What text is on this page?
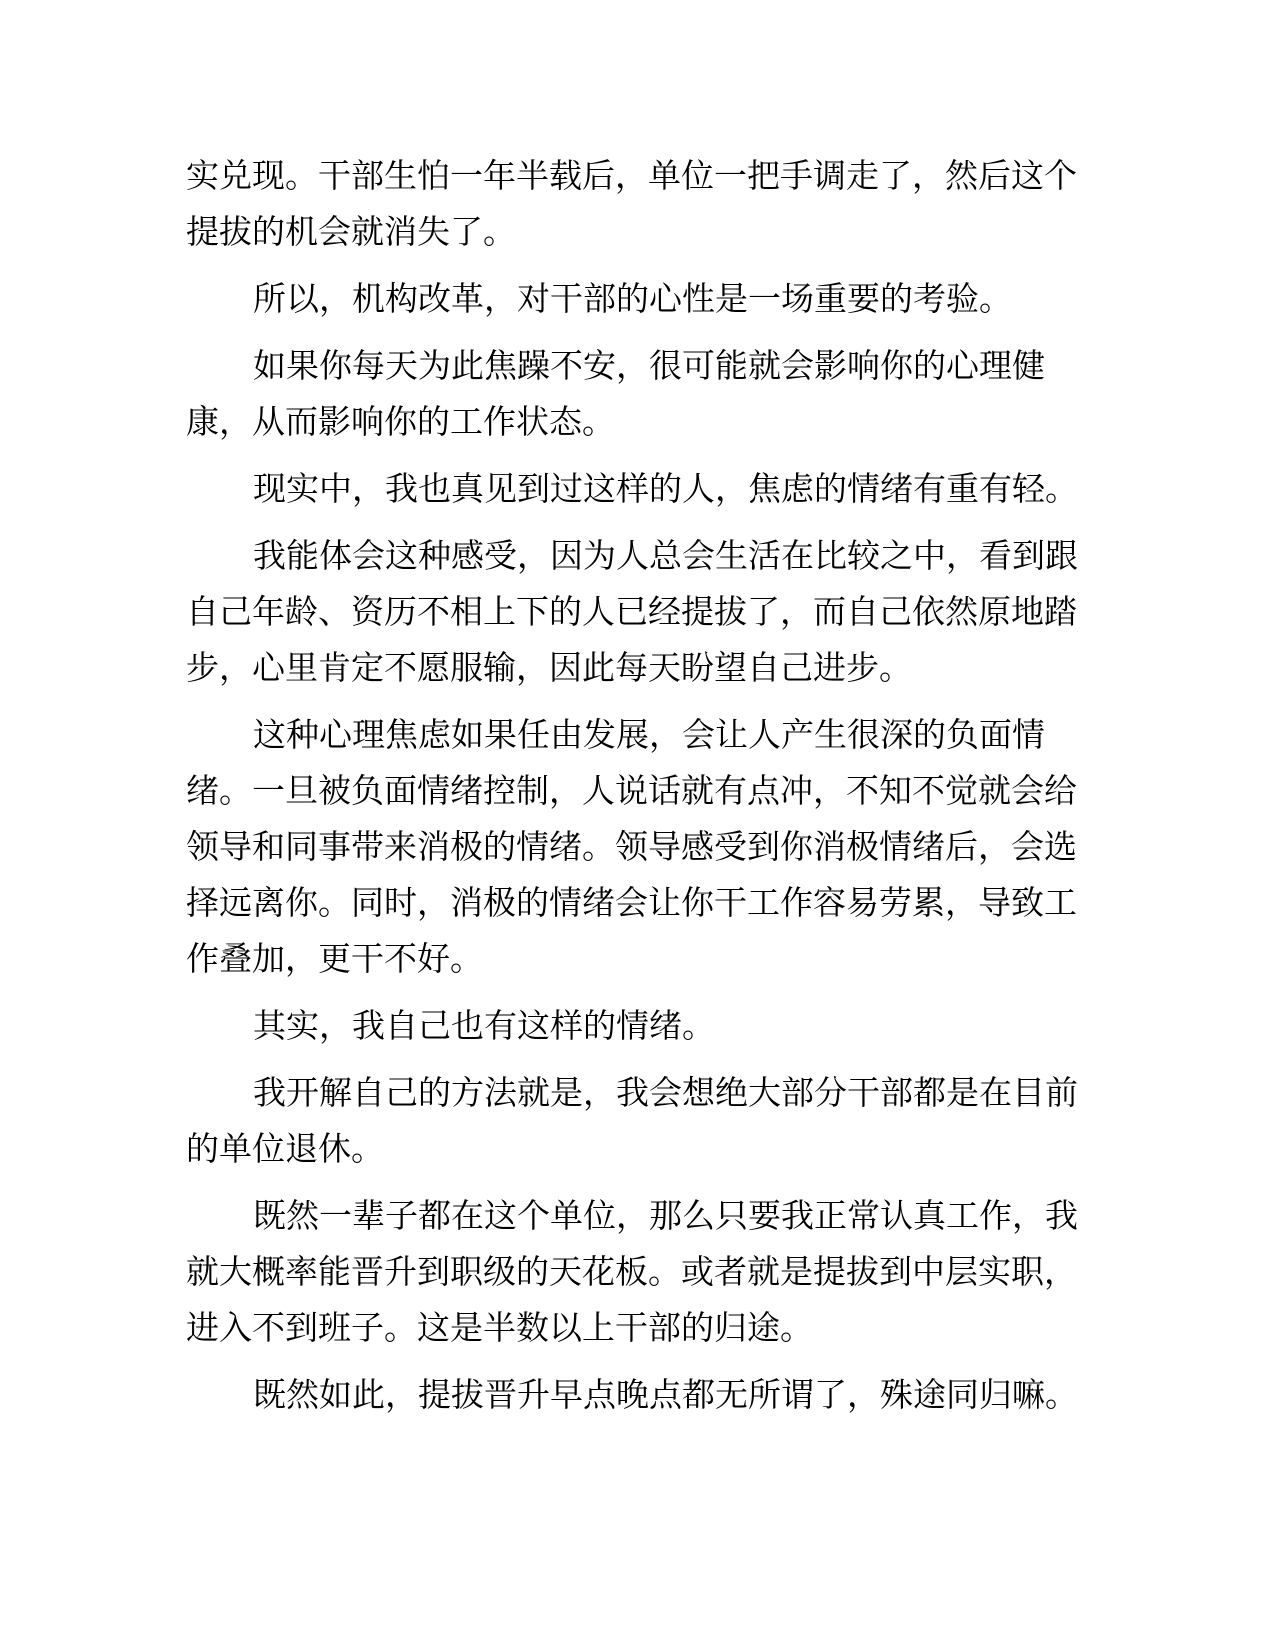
实兑现。干部生怕一年半载后，单位一把手调走了，然后这个
提拔的机会就消失了。
所以，机构改革，对干部的心性是一场重要的考验。
如果你每天为此焦躁不安，很可能就会影响你的心理健
康，从而影响你的工作状态。
现实中，我也真见到过这样的人，焦虑的情绪有重有轻。
我能体会这种感受，因为人总会生活在比较之中，看到跟
自己年龄、资历不相上下的人已经提拔了，而自己依然原地踏
步，心里肯定不愿服输，因此每天盼望自己进步。
这种心理焦虑如果任由发展，会让人产生很深的负面情
绪。一旦被负面情绪控制，人说话就有点冲，不知不觉就会给
领导和同事带来消极的情绪。领导感受到你消极情绪后，会选
择远离你。同时，消极的情绪会让你干工作容易劳累，导致工
作叠加，更干不好。
其实，我自己也有这样的情绪。
我开解自己的方法就是，我会想绝大部分干部都是在目前
的单位退休。
既然一辈子都在这个单位，那么只要我正常认真工作，我
就大概率能晋升到职级的天花板。或者就是提拔到中层实职，
进入不到班子。这是半数以上干部的归途。
既然如此，提拔晋升早点晚点都无所谓了，殊途同归嘛。
